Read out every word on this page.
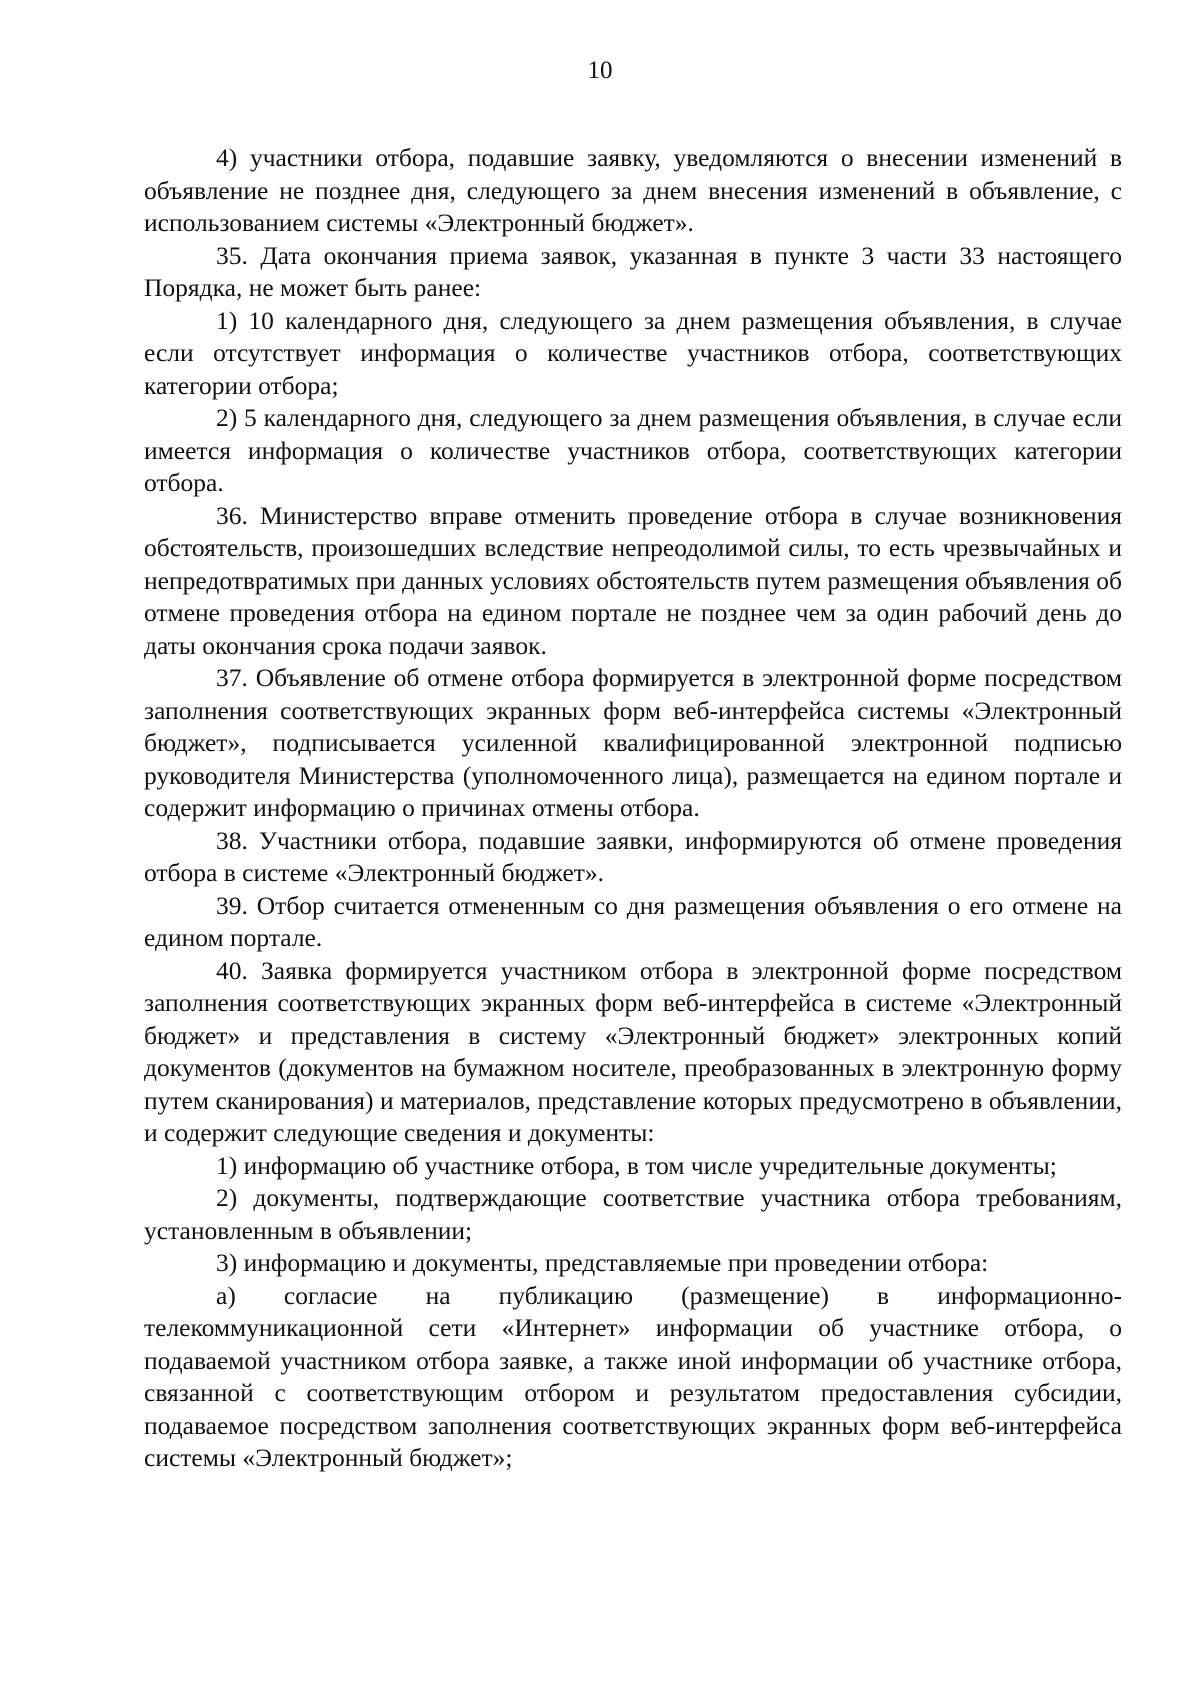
10

4) участники отбора, подавшие заявку, уведомляются о внесении изменений в объявление не позднее дня, следующего за днем внесения изменений в объявление, с использованием системы «Электронный бюджет».

35. Дата окончания приема заявок, указанная в пункте 3 части 33 настоящего Порядка, не может быть ранее:

1) 10 календарного дня, следующего за днем размещения объявления, в случае если отсутствует информация о количестве участников отбора, соответствующих категории отбора;

2) 5 календарного дня, следующего за днем размещения объявления, в случае если имеется информация о количестве участников отбора, соответствующих категории отбора.

36. Министерство вправе отменить проведение отбора в случае возникновения обстоятельств, произошедших вследствие непреодолимой силы, то есть чрезвычайных и непредотвратимых при данных условиях обстоятельств путем размещения объявления об отмене проведения отбора на едином портале не позднее чем за один рабочий день до даты окончания срока подачи заявок.

37. Объявление об отмене отбора формируется в электронной форме посредством заполнения соответствующих экранных форм веб-интерфейса системы «Электронный бюджет», подписывается усиленной квалифицированной электронной подписью руководителя Министерства (уполномоченного лица), размещается на едином портале и содержит информацию о причинах отмены отбора.

38. Участники отбора, подавшие заявки, информируются об отмене проведения отбора в системе «Электронный бюджет».

39. Отбор считается отмененным со дня размещения объявления о его отмене на едином портале.

40. Заявка формируется участником отбора в электронной форме посредством заполнения соответствующих экранных форм веб-интерфейса в системе «Электронный бюджет» и представления в систему «Электронный бюджет» электронных копий документов (документов на бумажном носителе, преобразованных в электронную форму путем сканирования) и материалов, представление которых предусмотрено в объявлении, и содержит следующие сведения и документы:

1) информацию об участнике отбора, в том числе учредительные документы;

2) документы, подтверждающие соответствие участника отбора требованиям, установленным в объявлении;

3) информацию и документы, представляемые при проведении отбора:

а) согласие на публикацию (размещение) в информационно-телекоммуникационной сети «Интернет» информации об участнике отбора, о подаваемой участником отбора заявке, а также иной информации об участнике отбора, связанной с соответствующим отбором и результатом предоставления субсидии, подаваемое посредством заполнения соответствующих экранных форм веб-интерфейса системы «Электронный бюджет»;
